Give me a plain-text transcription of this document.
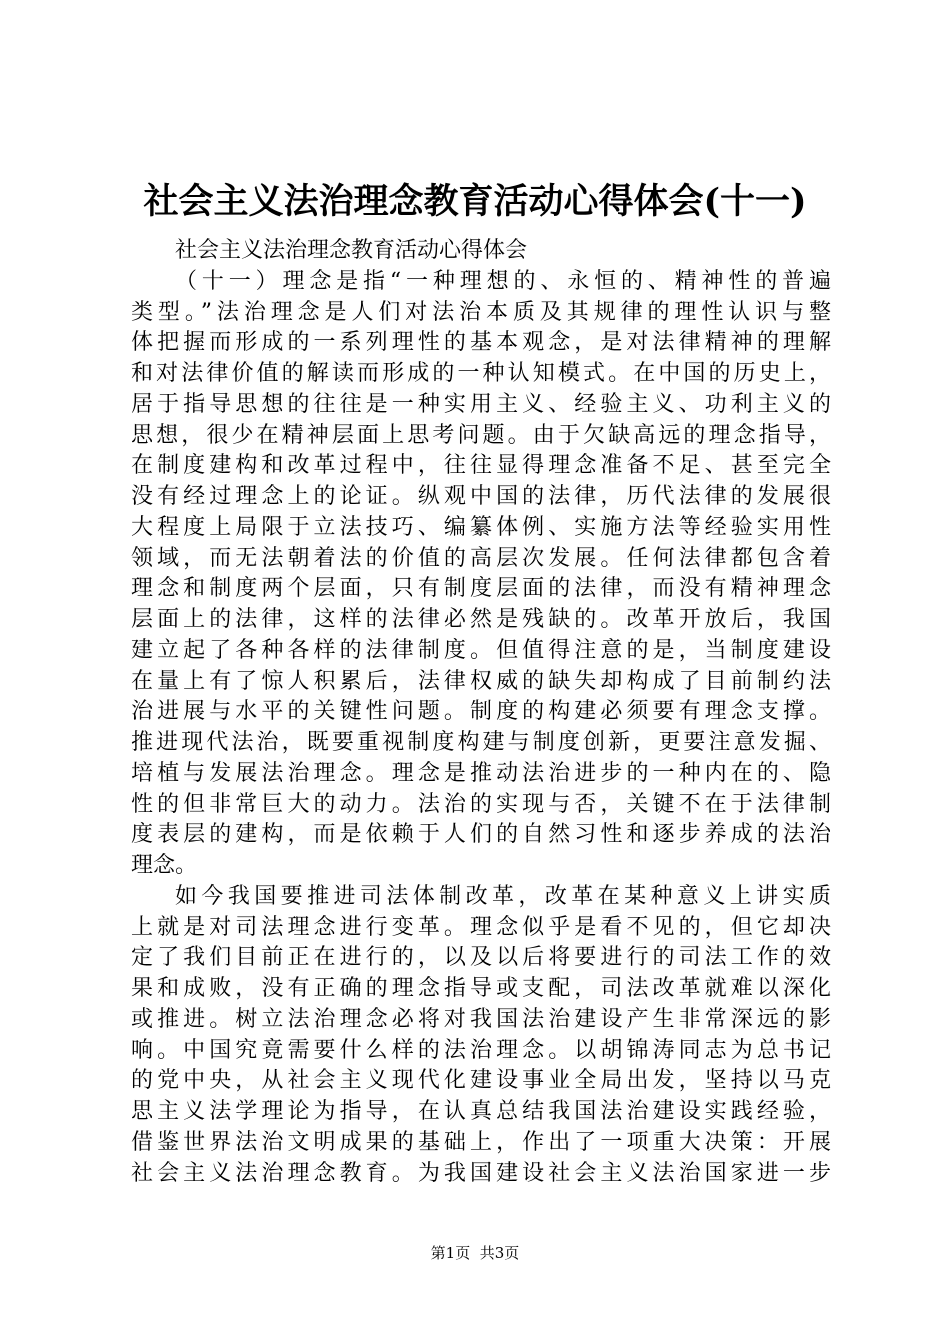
社会主义法治理念教育活动心得体会(十一)
社会主义法治理念教育活动心得体会
（十一）理念是指“一种理想的、永恒的、精神性的普遍
类型。”法治理念是人们对法治本质及其规律的理性认识与整
体把握而形成的一系列理性的基本观念，是对法律精神的理解
和对法律价值的解读而形成的一种认知模式。在中国的历史上，
居于指导思想的往往是一种实用主义、经验主义、功利主义的
思想，很少在精神层面上思考问题。由于欠缺高远的理念指导，
在制度建构和改革过程中，往往显得理念准备不足、甚至完全
没有经过理念上的论证。纵观中国的法律，历代法律的发展很
大程度上局限于立法技巧、编纂体例、实施方法等经验实用性
领域，而无法朝着法的价值的高层次发展。任何法律都包含着
理念和制度两个层面，只有制度层面的法律，而没有精神理念
层面上的法律，这样的法律必然是残缺的。改革开放后，我国
建立起了各种各样的法律制度。但值得注意的是，当制度建设
在量上有了惊人积累后，法律权威的缺失却构成了目前制约法
治进展与水平的关键性问题。制度的构建必须要有理念支撑。
推进现代法治，既要重视制度构建与制度创新，更要注意发掘、
培植与发展法治理念。理念是推动法治进步的一种内在的、隐
性的但非常巨大的动力。法治的实现与否，关键不在于法律制
度表层的建构，而是依赖于人们的自然习性和逐步养成的法治
理念。
如今我国要推进司法体制改革，改革在某种意义上讲实质
上就是对司法理念进行变革。理念似乎是看不见的，但它却决
定了我们目前正在进行的，以及以后将要进行的司法工作的效
果和成败，没有正确的理念指导或支配，司法改革就难以深化
或推进。树立法治理念必将对我国法治建设产生非常深远的影
响。中国究竟需要什么样的法治理念。以胡锦涛同志为总书记
的党中央，从社会主义现代化建设事业全局出发，坚持以马克
思主义法学理论为指导，在认真总结我国法治建设实践经验，
借鉴世界法治文明成果的基础上，作出了一项重大决策：开展
社会主义法治理念教育。为我国建设社会主义法治国家进一步
第1页 共3页
